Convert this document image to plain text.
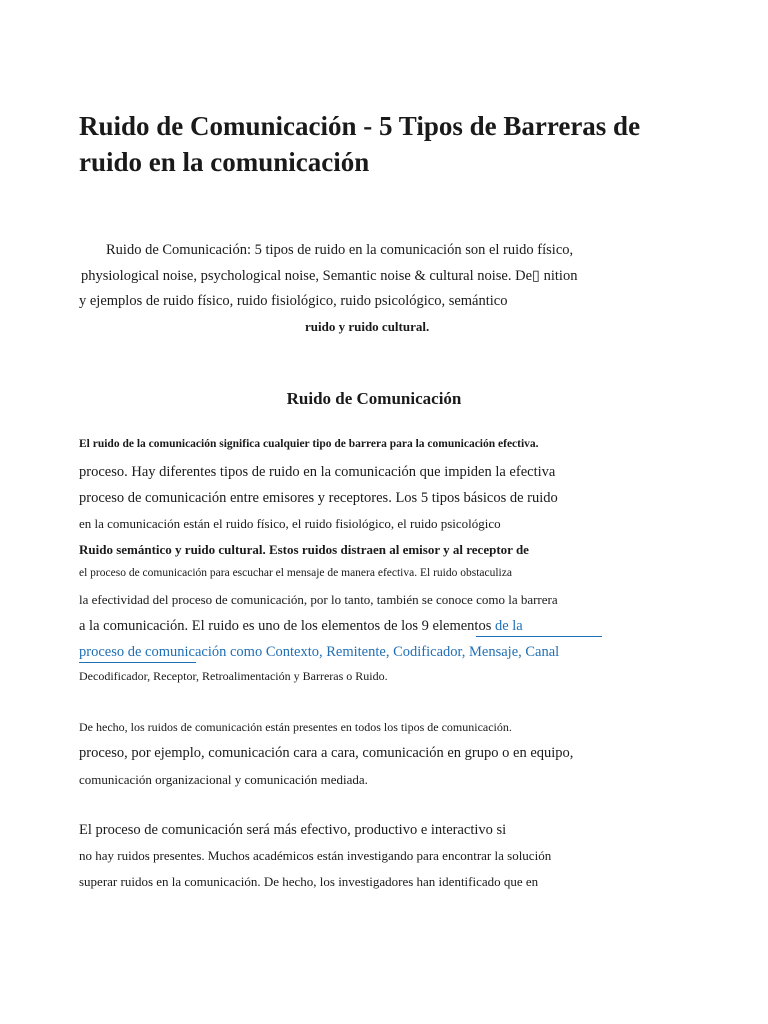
Ruido de Comunicación - 5 Tipos de Barreras de ruido en la comunicación

Ruido de Comunicación: 5 tipos de ruido en la comunicación son el ruido físico,

physiological noise, psychological noise, Semantic noise & cultural noise. De▯ nition

y ejemplos de ruido físico, ruido fisiológico, ruido psicológico, semántico

ruido y ruido cultural.

Ruido de Comunicación

El ruido de la comunicación significa cualquier tipo de barrera para la comunicación efectiva.

proceso. Hay diferentes tipos de ruido en la comunicación que impiden la efectiva

proceso de comunicación entre emisores y receptores. Los 5 tipos básicos de ruido

en la comunicación están el ruido físico, el ruido fisiológico, el ruido psicológico

Ruido semántico y ruido cultural. Estos ruidos distraen al emisor y al receptor de

el proceso de comunicación para escuchar el mensaje de manera efectiva. El ruido obstaculiza

la efectividad del proceso de comunicación, por lo tanto, también se conoce como la barrera

a la comunicación. El ruido es uno de los elementos de los 9 elementos de la

proceso de comunicación como Contexto, Remitente, Codificador, Mensaje, Canal

Decodificador, Receptor, Retroalimentación y Barreras o Ruido.

De hecho, los ruidos de comunicación están presentes en todos los tipos de comunicación.

proceso, por ejemplo, comunicación cara a cara, comunicación en grupo o en equipo,

comunicación organizacional y comunicación mediada.

El proceso de comunicación será más efectivo, productivo e interactivo si

no hay ruidos presentes. Muchos académicos están investigando para encontrar la solución

superar ruidos en la comunicación. De hecho, los investigadores han identificado que en
